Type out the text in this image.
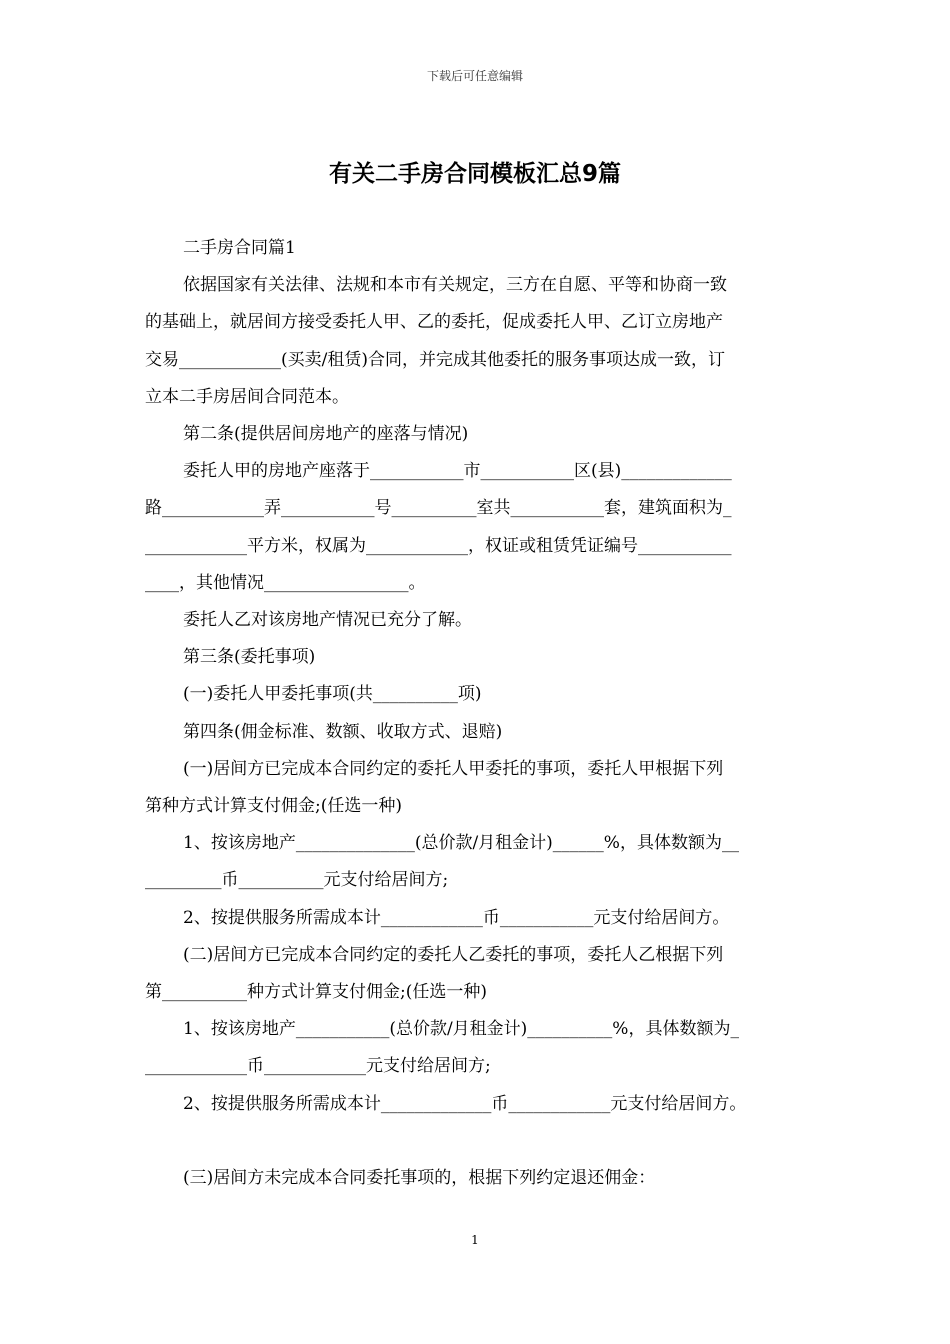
下载后可任意编辑
有关二手房合同模板汇总9篇

二手房合同篇1

依据国家有关法律、法规和本市有关规定，三方在自愿、平等和协商一致

的基础上，就居间方接受委托人甲、乙的委托，促成委托人甲、乙订立房地产

交易____________(买卖/租赁)合同，并完成其他委托的服务事项达成一致，订

立本二手房居间合同范本。

第二条(提供居间房地产的座落与情况)

委托人甲的房地产座落于___________市___________区(县)_____________

路____________弄___________号__________室共___________套，建筑面积为_

____________平方米，权属为____________，权证或租赁凭证编号___________

____，其他情况_________________。

委托人乙对该房地产情况已充分了解。

第三条(委托事项)

(一)委托人甲委托事项(共__________项)

第四条(佣金标准、数额、收取方式、退赔)

(一)居间方已完成本合同约定的委托人甲委托的事项，委托人甲根据下列

第种方式计算支付佣金;(任选一种)

1、按该房地产______________(总价款/月租金计)______%，具体数额为__

_________币__________元支付给居间方;

2、按提供服务所需成本计____________币___________元支付给居间方。

(二)居间方已完成本合同约定的委托人乙委托的事项，委托人乙根据下列

第__________种方式计算支付佣金;(任选一种)

1、按该房地产___________(总价款/月租金计)__________%，具体数额为_

____________币____________元支付给居间方;

2、按提供服务所需成本计_____________币____________元支付给居间方。

(三)居间方未完成本合同委托事项的，根据下列约定退还佣金：

1
